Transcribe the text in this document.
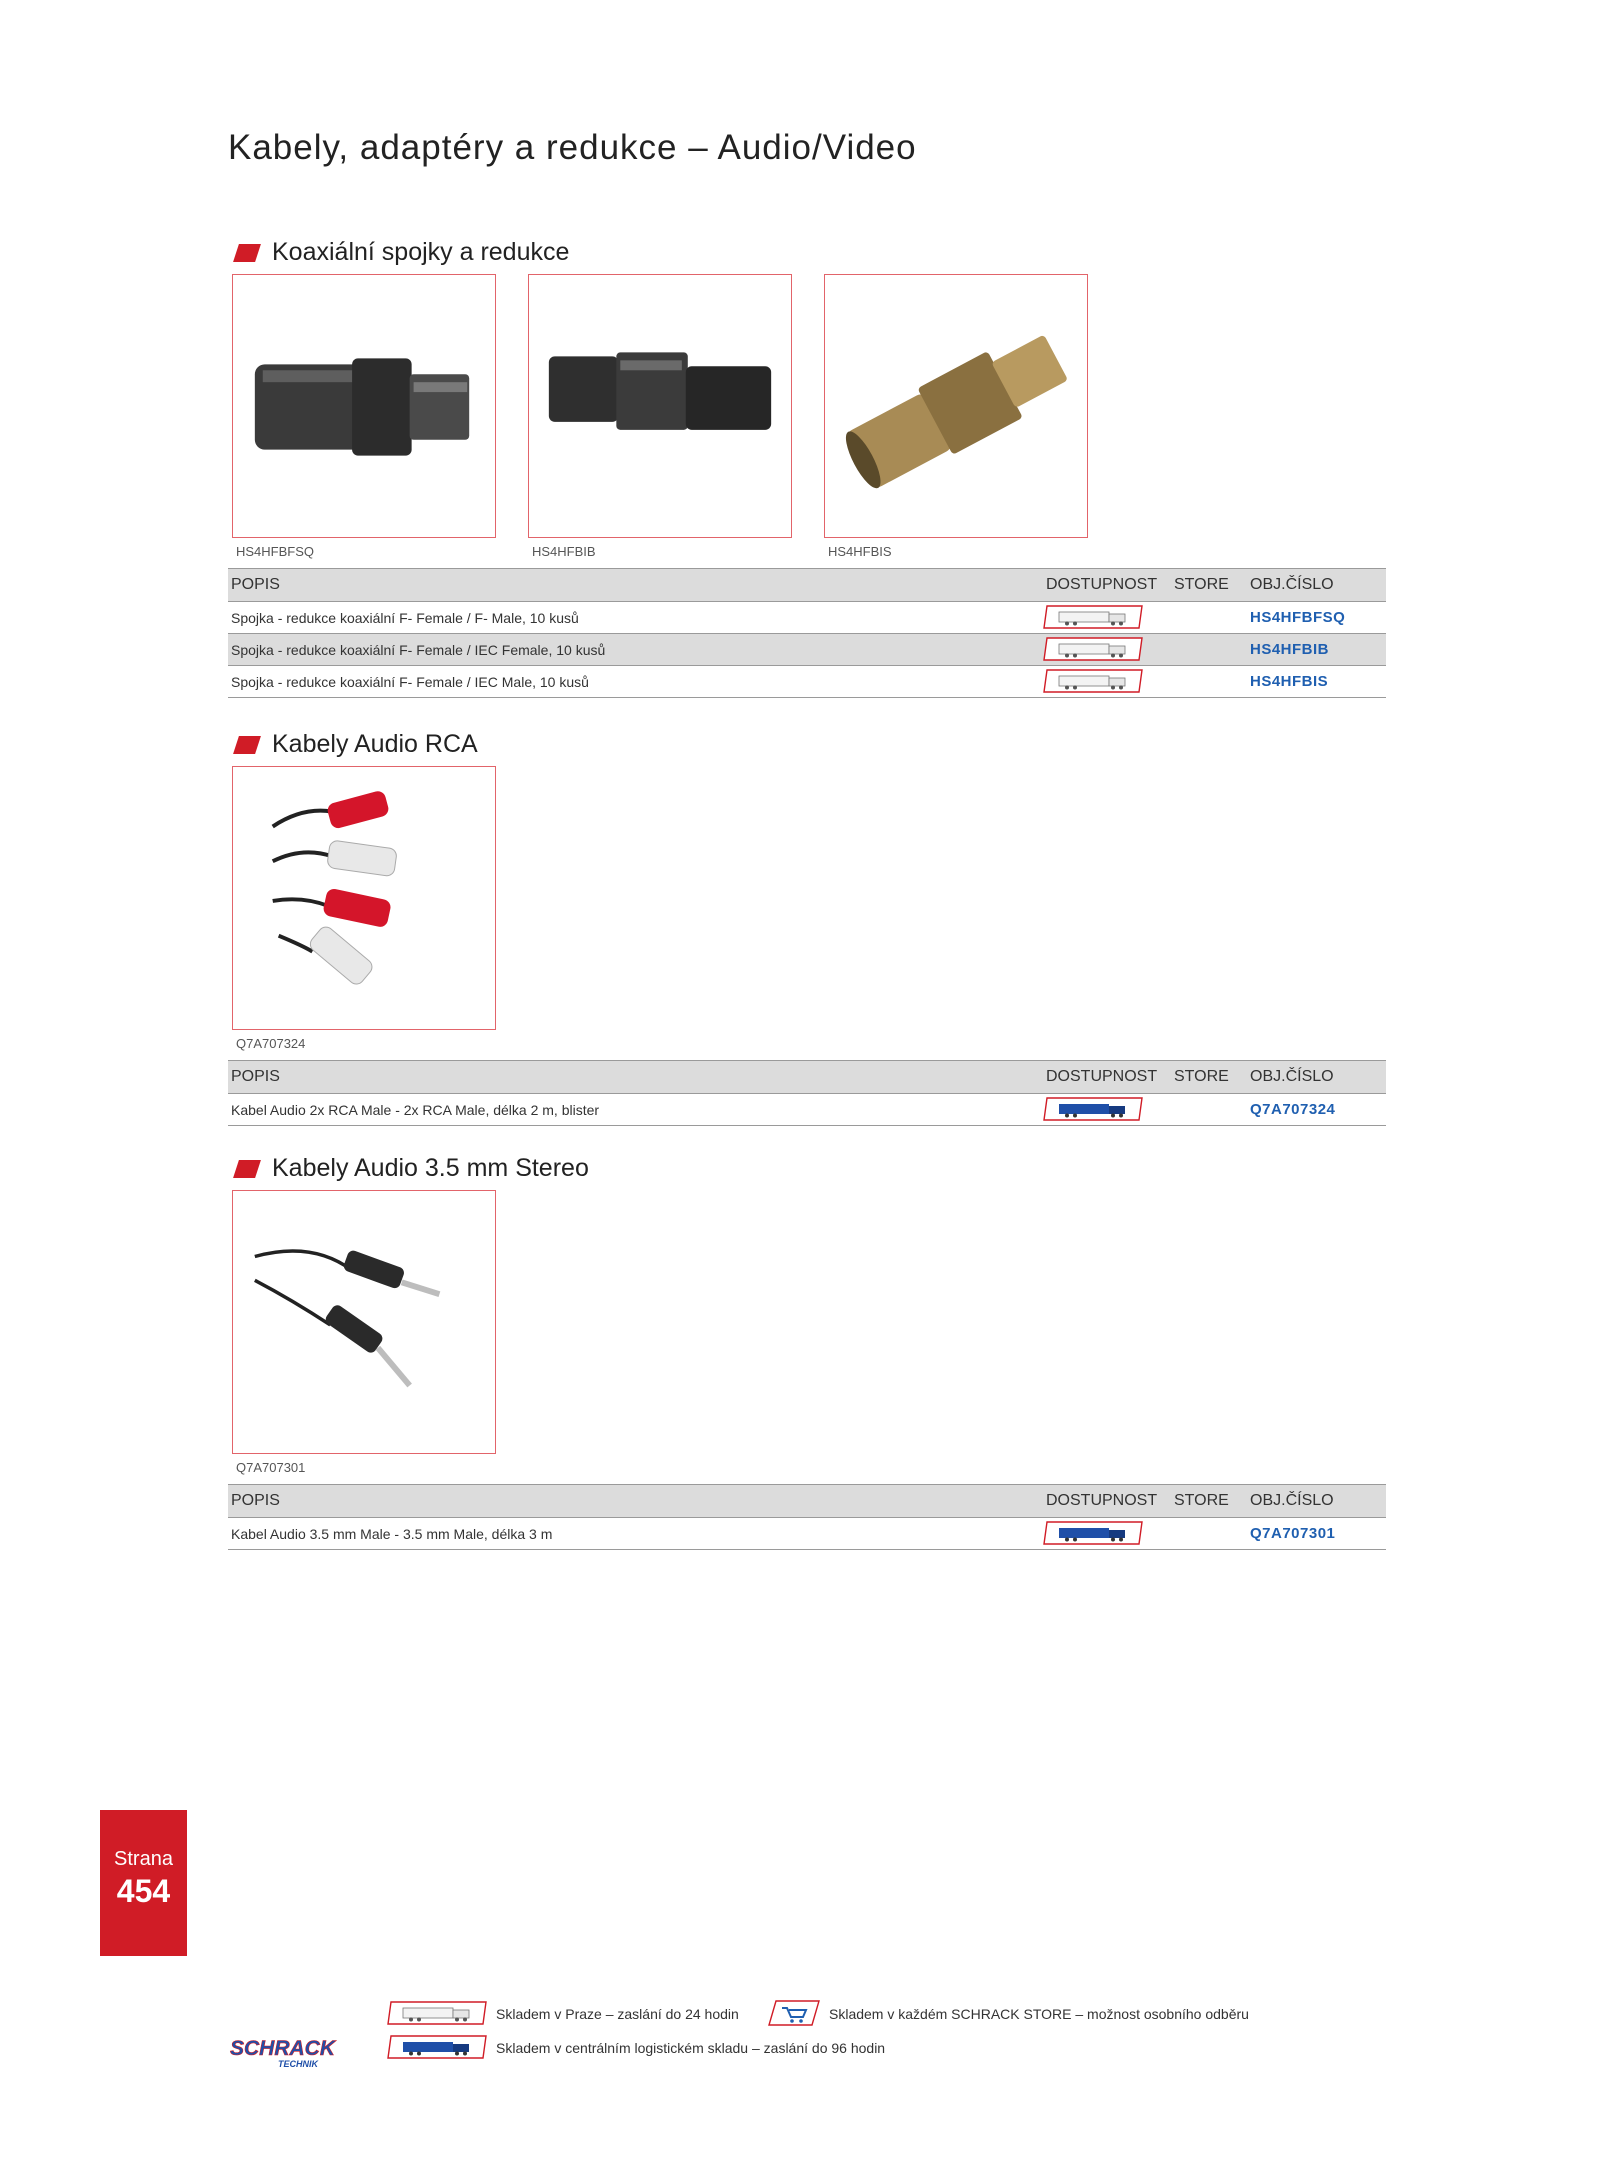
Kabely, adaptéry a redukce – Audio/Video
Koaxiální spojky a redukce
HS4HFBFSQ	HS4HFBIB	HS4HFBIS
POPIS	DOSTUPNOST STORE OBJ.ČÍSLO
Spojka - redukce koaxiální F- Female / F- Male, 10 kusů	HS4HFBFSQ
Spojka - redukce koaxiální F- Female / IEC Female, 10 kusů	HS4HFBIB
Spojka - redukce koaxiální F- Female / IEC Male, 10 kusů	HS4HFBIS
Kabely Audio RCA
Q7A707324
POPIS	DOSTUPNOST STORE OBJ.ČÍSLO
Kabel Audio 2x RCA Male - 2x RCA Male, délka 2 m, blister	Q7A707324
Kabely Audio 3.5 mm Stereo
Q7A707301
POPIS	DOSTUPNOST STORE OBJ.ČÍSLO
Kabel Audio 3.5 mm Male - 3.5 mm Male, délka 3 m	Q7A707301
Strana
454
Skladem v Praze – zaslání do 24 hodin	Skladem v každém SCHRACK STORE – možnost osobního odběru
Skladem v centrálním logistickém skladu – zaslání do 96 hodin
SCHRACK
TECHNIK
